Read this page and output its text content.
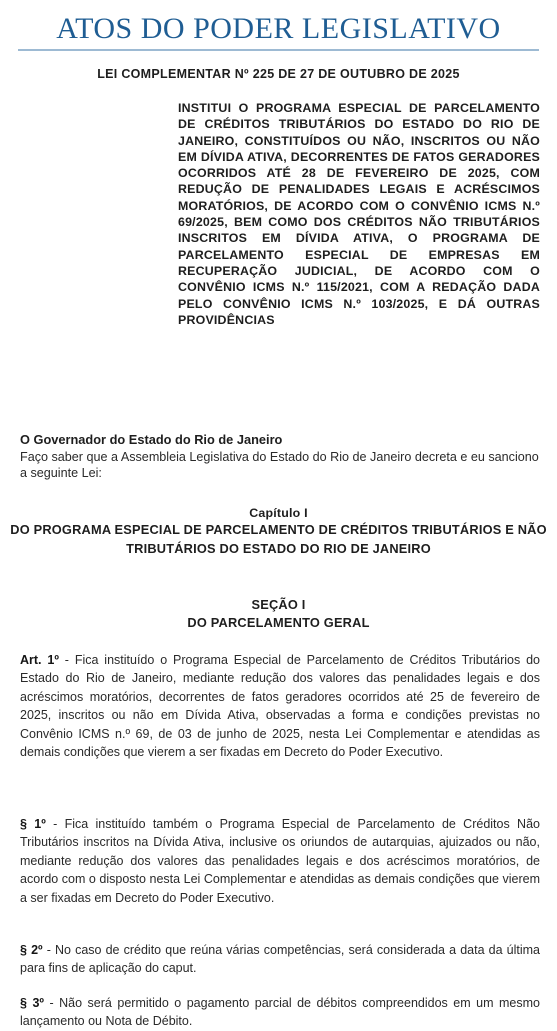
ATOS DO PODER LEGISLATIVO
LEI COMPLEMENTAR Nº 225 DE 27 DE OUTUBRO DE 2025
INSTITUI O PROGRAMA ESPECIAL DE PARCELAMENTO DE CRÉDITOS TRIBUTÁRIOS DO ESTADO DO RIO DE JANEIRO, CONSTITUÍDOS OU NÃO, INSCRITOS OU NÃO EM DÍVIDA ATIVA, DECORRENTES DE FATOS GERADORES OCORRIDOS ATÉ 28 DE FEVEREIRO DE 2025, COM REDUÇÃO DE PENALIDADES LEGAIS E ACRÉSCIMOS MORATÓRIOS, DE ACORDO COM O CONVÊNIO ICMS N.º 69/2025, BEM COMO DOS CRÉDITOS NÃO TRIBUTÁRIOS INSCRITOS EM DÍVIDA ATIVA, O PROGRAMA DE PARCELAMENTO ESPECIAL DE EMPRESAS EM RECUPERAÇÃO JUDICIAL, DE ACORDO COM O CONVÊNIO ICMS N.º 115/2021, COM A REDAÇÃO DADA PELO CONVÊNIO ICMS N.º 103/2025, E DÁ OUTRAS PROVIDÊNCIAS
O Governador do Estado do Rio de Janeiro
Faço saber que a Assembleia Legislativa do Estado do Rio de Janeiro decreta e eu sanciono a seguinte Lei:
Capítulo I
DO PROGRAMA ESPECIAL DE PARCELAMENTO DE CRÉDITOS TRIBUTÁRIOS E NÃO TRIBUTÁRIOS DO ESTADO DO RIO DE JANEIRO
SEÇÃO I
DO PARCELAMENTO GERAL

Art. 1º - Fica instituído o Programa Especial de Parcelamento de Créditos Tributários do Estado do Rio de Janeiro, mediante redução dos valores das penalidades legais e dos acréscimos moratórios, decorrentes de fatos geradores ocorridos até 25 de fevereiro de 2025, inscritos ou não em Dívida Ativa, observadas a forma e condições previstas no Convênio ICMS n.º 69, de 03 de junho de 2025, nesta Lei Complementar e atendidas as demais condições que vierem a ser fixadas em Decreto do Poder Executivo.

§ 1º - Fica instituído também o Programa Especial de Parcelamento de Créditos Não Tributários inscritos na Dívida Ativa, inclusive os oriundos de autarquias, ajuizados ou não, mediante redução dos valores das penalidades legais e dos acréscimos moratórios, de acordo com o disposto nesta Lei Complementar e atendidas as demais condições que vierem a ser fixadas em Decreto do Poder Executivo.

§ 2º - No caso de crédito que reúna várias competências, será considerada a data da última para fins de aplicação do caput.

§ 3º - Não será permitido o pagamento parcial de débitos compreendidos em um mesmo lançamento ou Nota de Débito.
